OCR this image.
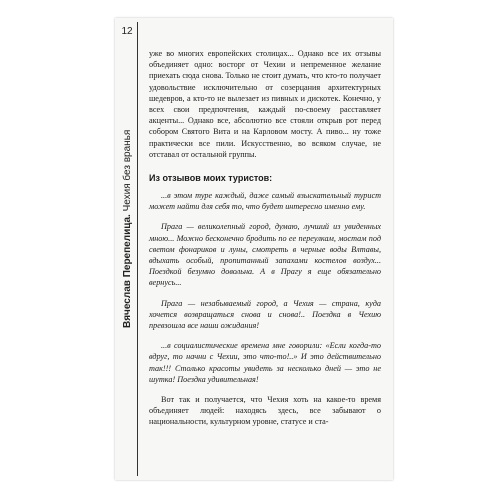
12
Вячеслав Перепелица. Чехия без вранья

уже во многих европейских столицах... Однако все их отзывы объединяет одно: восторг от Чехии и непременное желание приехать сюда снова. Только не стоит думать, что кто-то получает удовольствие исключительно от созерцания архитектурных шедевров, а кто-то не вылезает из пивных и дискотек. Конечно, у всех свои предпочтения, каждый по-своему расставляет акценты... Однако все, абсолютно все стояли открыв рот перед собором Святого Вита и на Карловом мосту. А пиво... ну тоже практически все пили. Искусственно, во всяком случае, не отставал от остальной группы.

Из отзывов моих туристов:

...в этом туре каждый, даже самый взыскательный турист может найти для себя то, что будет интересно именно ему.

Прага — великолепный город, думаю, лучший из увиденных мною... Можно бесконечно бродить по ее переулкам, мостам под светом фонариков и луны, смотреть в черные воды Влтавы, вдыхать особый, пропитанный запахами костелов воздух... Поездкой безумно довольна. А в Прагу я еще обязательно вернусь...

Прага — незабываемый город, а Чехия — страна, куда хочется возвращаться снова и снова!.. Поездка в Чехию превзошла все наши ожидания!

...в социалистические времена мне говорили: «Если когда-то вдруг, то начни с Чехии, это что-то!..» И это действительно так!!! Столько красоты увидеть за несколько дней — это не шутка! Поездка удивительная!

Вот так и получается, что Чехия хоть на какое-то время объединяет людей: находясь здесь, все забывают о национальности, культурном уровне, статусе и ста-
